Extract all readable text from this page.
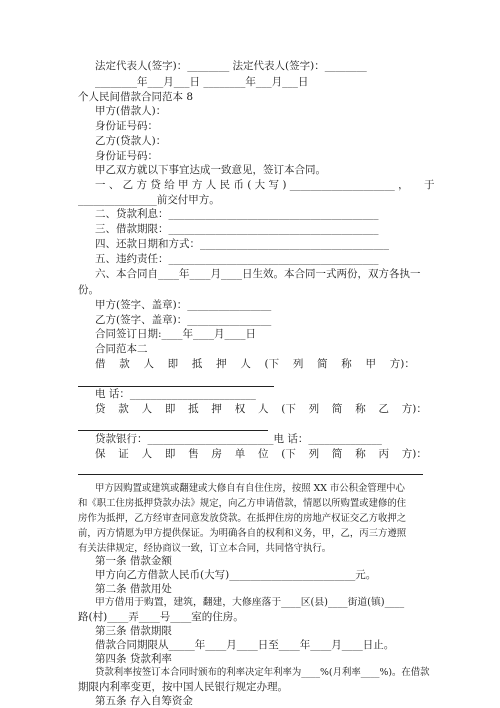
法定代表人(签字)：________ 法定代表人(签字)：________
________年___月___日 ________年___月___日
个人民间借款合同范本 8
甲方(借款人)：
身份证号码：
乙方(贷款人)：
身份证号码：
甲乙双方就以下事宜达成一致意见，签订本合同。
一 、 乙 方 贷 给 甲 方 人 民 币 ( 大 写 ) ____________________ ， 于
_______________前交付甲方。
二、贷款利息：________________________________________
三、借款期限：________________________________________
四、还款日期和方式：____________________________________
五、违约责任：________________________________________
六、本合同自____年____月____日生效。本合同一式两份，双方各执一
份。
甲方(签字、盖章)：________________
乙方(签字、盖章)：________________
合同签订日期:____年____月____日
合同范本二
借 款 人 即 抵 押 人 (下 列 简 称 甲 方)：
电 话：________________________
贷 款 人 即 抵 押 权 人 (下 列 简 称 乙 方)：
贷款银行：________________________电 话：______________
保 证 人 即 售 房 单 位 (下 列 简 称 丙 方)：
甲方因购置或建筑或翻建或大修自有自住住房，按照 XX 市公积金管理中心
和《职工住房抵押贷款办法》规定，向乙方申请借款，情愿以所购置或建修的住
房作为抵押，乙方经审查同意发放贷款。在抵押住房的房地产权证交乙方收押之
前，丙方情愿为甲方提供保证。为明确各自的权利和义务，甲，乙，丙三方遵照
有关法律规定，经协商议一致，订立本合同，共同恪守执行。
第一条 借款金额
甲方向乙方借款人民币(大写)________________________元。
第二条 借款用处
甲方借用于购置，建筑，翻建，大修座落于____区(县)____街道(镇)____
路(村)____弄____号____室的住房。
第三条 借款期限
借款合同期限从_____年____月____日至____年____月____日止。
第四条 贷款利率
贷款利率按签订本合同时颁布的利率决定年利率为____%(月利率____%)。在借款
期限内利率变更，按中国人民银行规定办理。
第五条 存入自筹资金
